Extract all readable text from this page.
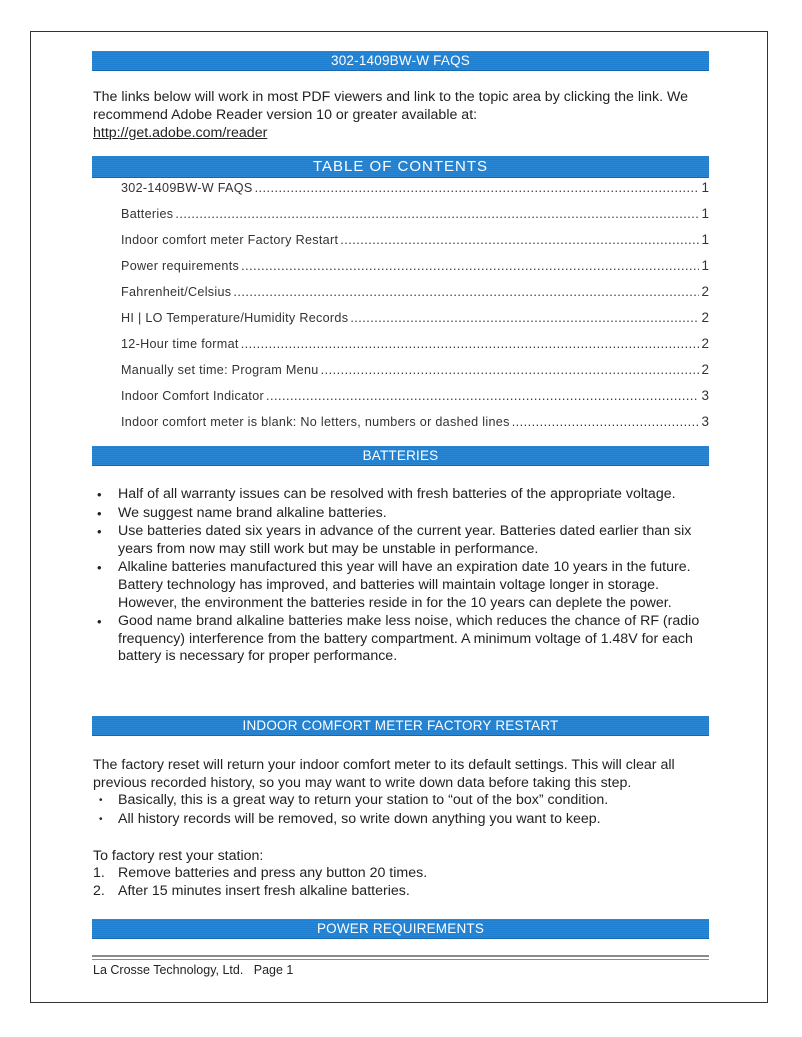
302-1409BW-W FAQS
The links below will work in most PDF viewers and link to the topic area by clicking the link. We recommend Adobe Reader version 10 or greater available at:
http://get.adobe.com/reader
TABLE OF CONTENTS
302-1409BW-W FAQS .....	1
Batteries .....	1
Indoor comfort meter Factory Restart .....	1
Power requirements .....	1
Fahrenheit/Celsius .....	2
HI | LO Temperature/Humidity Records .....	2
12-Hour time format .....	2
Manually set time: Program Menu .....	2
Indoor Comfort Indicator .....	3
Indoor comfort meter is blank: No letters, numbers or dashed lines .....	3
BATTERIES
• Half of all warranty issues can be resolved with fresh batteries of the appropriate voltage.
• We suggest name brand alkaline batteries.
• Use batteries dated six years in advance of the current year. Batteries dated earlier than six years from now may still work but may be unstable in performance.
• Alkaline batteries manufactured this year will have an expiration date 10 years in the future. Battery technology has improved, and batteries will maintain voltage longer in storage. However, the environment the batteries reside in for the 10 years can deplete the power.
• Good name brand alkaline batteries make less noise, which reduces the chance of RF (radio frequency) interference from the battery compartment. A minimum voltage of 1.48V for each battery is necessary for proper performance.
INDOOR COMFORT METER FACTORY RESTART
The factory reset will return your indoor comfort meter to its default settings. This will clear all previous recorded history, so you may want to write down data before taking this step.
• Basically, this is a great way to return your station to “out of the box” condition.
• All history records will be removed, so write down anything you want to keep.
To factory rest your station:
1. Remove batteries and press any button 20 times.
2. After 15 minutes insert fresh alkaline batteries.
POWER REQUIREMENTS
La Crosse Technology, Ltd.   Page 1
